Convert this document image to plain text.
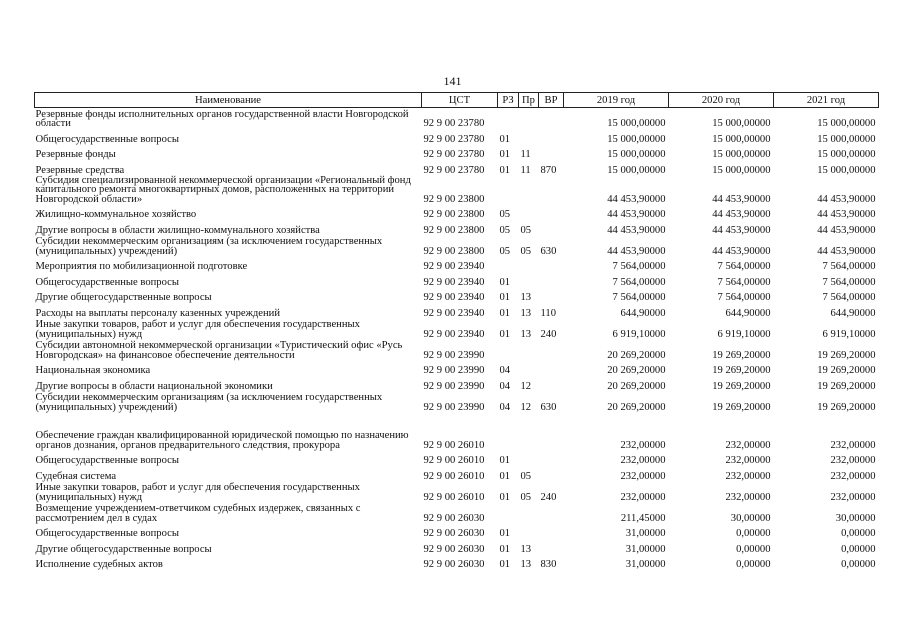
141
Наименование	ЦСТ	РЗ	Пр	ВР	2019 год	2020 год	2021 год
Резервные фонды исполнительных органов государственной власти Новгородской области	92 9 00 23780				15 000,00000	15 000,00000	15 000,00000
Общегосударственные вопросы	92 9 00 23780	01			15 000,00000	15 000,00000	15 000,00000
Резервные фонды	92 9 00 23780	01	11		15 000,00000	15 000,00000	15 000,00000
Резервные средства	92 9 00 23780	01	11	870	15 000,00000	15 000,00000	15 000,00000
Субсидия специализированной некоммерческой организации «Региональный фонд капитального ремонта многоквартирных домов, расположенных на территории Новгородской области»	92 9 00 23800				44 453,90000	44 453,90000	44 453,90000
Жилищно-коммунальное хозяйство	92 9 00 23800	05			44 453,90000	44 453,90000	44 453,90000
Другие вопросы в области жилищно-коммунального хозяйства	92 9 00 23800	05	05		44 453,90000	44 453,90000	44 453,90000
Субсидии некоммерческим организациям (за исключением государственных (муниципальных) учреждений)	92 9 00 23800	05	05	630	44 453,90000	44 453,90000	44 453,90000
Мероприятия по мобилизационной подготовке	92 9 00 23940				7 564,00000	7 564,00000	7 564,00000
Общегосударственные вопросы	92 9 00 23940	01			7 564,00000	7 564,00000	7 564,00000
Другие общегосударственные вопросы	92 9 00 23940	01	13		7 564,00000	7 564,00000	7 564,00000
Расходы на выплаты персоналу казенных учреждений	92 9 00 23940	01	13	110	644,90000	644,90000	644,90000
Иные закупки товаров, работ и услуг для обеспечения государственных (муниципальных) нужд	92 9 00 23940	01	13	240	6 919,10000	6 919,10000	6 919,10000
Субсидии автономной некоммерческой организации «Туристический офис «Русь Новгородская» на финансовое обеспечение деятельности	92 9 00 23990				20 269,20000	19 269,20000	19 269,20000
Национальная экономика	92 9 00 23990	04			20 269,20000	19 269,20000	19 269,20000
Другие вопросы в области национальной экономики	92 9 00 23990	04	12		20 269,20000	19 269,20000	19 269,20000
Субсидии некоммерческим организациям (за исключением государственных (муниципальных) учреждений)	92 9 00 23990	04	12	630	20 269,20000	19 269,20000	19 269,20000
Обеспечение граждан квалифицированной юридической помощью по назначению органов дознания, органов предварительного следствия, прокурора	92 9 00 26010				232,00000	232,00000	232,00000
Общегосударственные вопросы	92 9 00 26010	01			232,00000	232,00000	232,00000
Судебная система	92 9 00 26010	01	05		232,00000	232,00000	232,00000
Иные закупки товаров, работ и услуг для обеспечения государственных (муниципальных) нужд	92 9 00 26010	01	05	240	232,00000	232,00000	232,00000
Возмещение учреждением-ответчиком судебных издержек, связанных с рассмотрением дел в судах	92 9 00 26030				211,45000	30,00000	30,00000
Общегосударственные вопросы	92 9 00 26030	01			31,00000	0,00000	0,00000
Другие общегосударственные вопросы	92 9 00 26030	01	13		31,00000	0,00000	0,00000
Исполнение судебных актов	92 9 00 26030	01	13	830	31,00000	0,00000	0,00000
